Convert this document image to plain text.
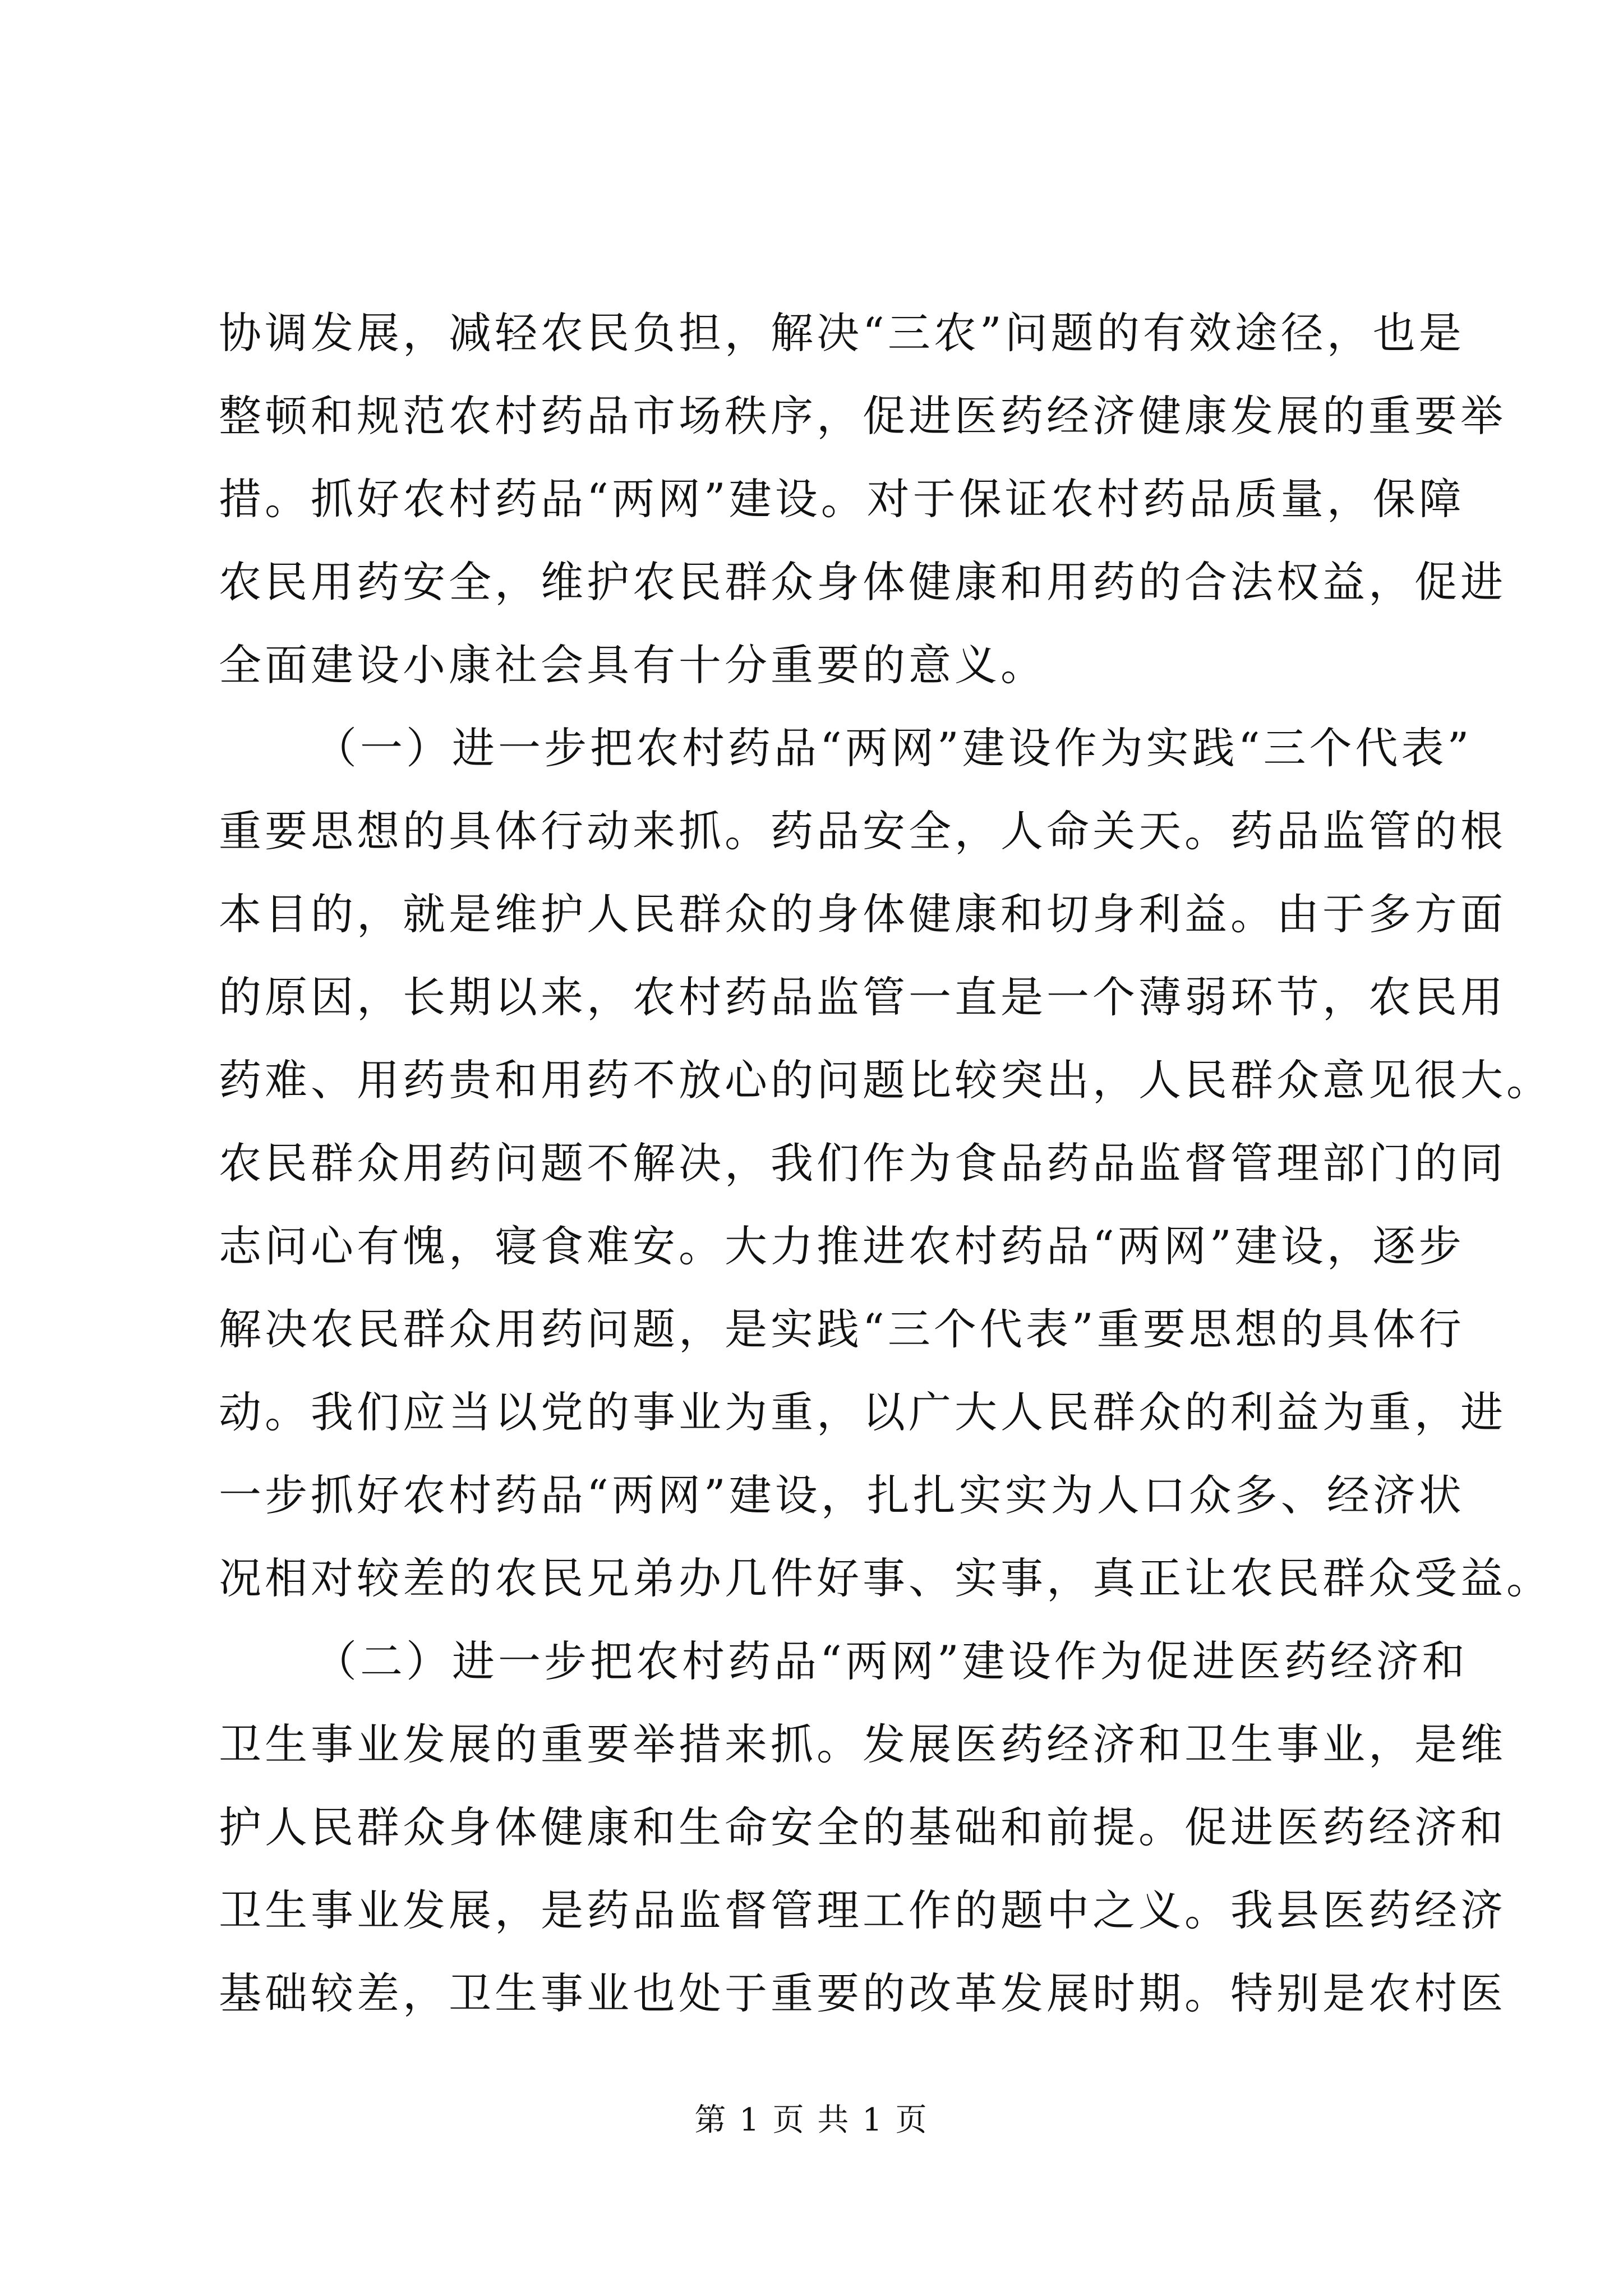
协调发展，减轻农民负担，解决“三农”问题的有效途径，也是
整顿和规范农村药品市场秩序，促进医药经济健康发展的重要举
措。抓好农村药品“两网”建设。对于保证农村药品质量，保障
农民用药安全，维护农民群众身体健康和用药的合法权益，促进
全面建设小康社会具有十分重要的意义。
（一）进一步把农村药品“两网”建设作为实践“三个代表”
重要思想的具体行动来抓。药品安全，人命关天。药品监管的根
本目的，就是维护人民群众的身体健康和切身利益。由于多方面
的原因，长期以来，农村药品监管一直是一个薄弱环节，农民用
药难、用药贵和用药不放心的问题比较突出，人民群众意见很大。
农民群众用药问题不解决，我们作为食品药品监督管理部门的同
志问心有愧，寝食难安。大力推进农村药品“两网”建设，逐步
解决农民群众用药问题，是实践“三个代表”重要思想的具体行
动。我们应当以党的事业为重，以广大人民群众的利益为重，进
一步抓好农村药品“两网”建设，扎扎实实为人口众多、经济状
况相对较差的农民兄弟办几件好事、实事，真正让农民群众受益。
（二）进一步把农村药品“两网”建设作为促进医药经济和
卫生事业发展的重要举措来抓。发展医药经济和卫生事业，是维
护人民群众身体健康和生命安全的基础和前提。促进医药经济和
卫生事业发展，是药品监督管理工作的题中之义。我县医药经济
基础较差，卫生事业也处于重要的改革发展时期。特别是农村医
第 1 页 共 1 页
